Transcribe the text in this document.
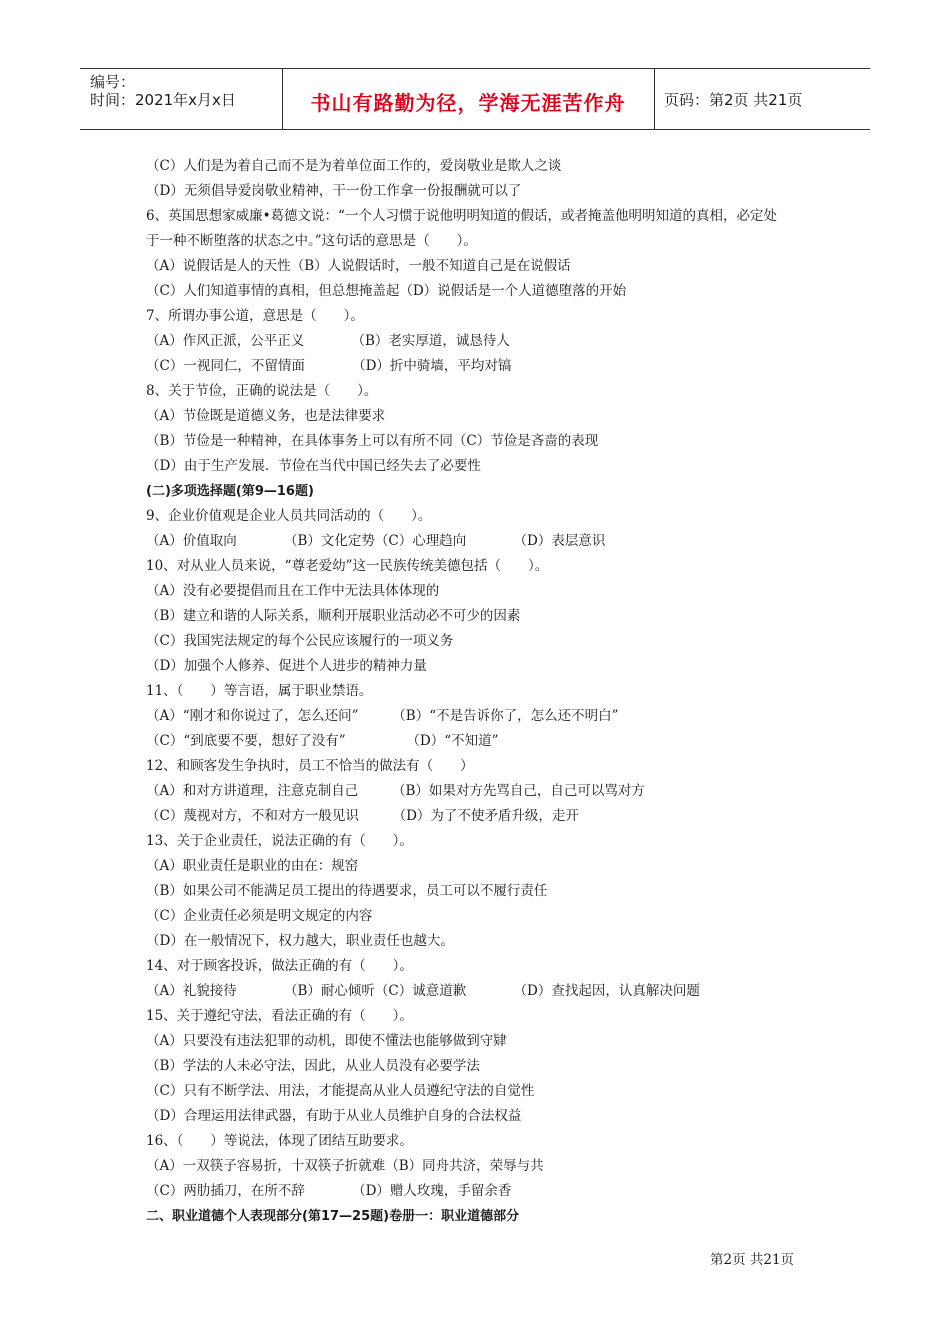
编号：
时间：2021年x月x日	书山有路勤为径，学海无涯苦作舟	页码：第2页 共21页
（C）人们是为着自己而不是为着单位面工作的，爱岗敬业是欺人之谈
（D）无须倡导爱岗敬业精神，干一份工作拿一份报酬就可以了
6、英国思想家威廉•葛德文说：“一个人习惯于说他明明知道的假话，或者掩盖他明明知道的真相，必定处
于一种不断堕落的状态之中。”这句话的意思是（　　）。
（A）说假话是人的天性（B）人说假话时，一般不知道自己是在说假话
（C）人们知道事情的真相，但总想掩盖起（D）说假话是一个人道德堕落的开始
7、所谓办事公道，意思是（　　）。
（A）作风正派，公平正义　　　　（B）老实厚道，诚恳待人
（C）一视同仁，不留情面　　　　（D）折中骑墙，平均对镐
8、关于节俭，正确的说法是（　　）。
（A）节俭既是道德义务，也是法律要求
（B）节俭是一种精神，在具体事务上可以有所不同（C）节俭是吝啬的表现
（D）由于生产发展．节俭在当代中国已经失去了必要性
(二)多项选择题(第9—16题)
9、企业价值观是企业人员共同活动的（　　）。
（A）价值取向　　　　（B）文化定势（C）心理趋向　　　　（D）表层意识
10、对从业人员来说，“尊老爱幼”这一民族传统美德包括（　　）。
（A）没有必要提倡而且在工作中无法具体体现的
（B）建立和谐的人际关系，顺利开展职业活动必不可少的因素
（C）我国宪法规定的每个公民应该履行的一项义务
（D）加强个人修养、促进个人进步的精神力量
11、（　　）等言语，属于职业禁语。
（A）“刚才和你说过了，怎么还问”　　　（B）“不是告诉你了，怎么还不明白”
（C）“到底要不要，想好了没有”　　　　　（D）“不知道”
12、和顾客发生争执时，员工不恰当的做法有（　　）
（A）和对方讲道理，注意克制自己　　　（B）如果对方先骂自己，自己可以骂对方
（C）蔑视对方，不和对方一般见识　　　（D）为了不使矛盾升级，走开
13、关于企业责任，说法正确的有（　　）。
（A）职业责任是职业的由在：规窑
（B）如果公司不能满足员工提出的待遇要求，员工可以不履行责任
（C）企业责任必须是明文规定的内容
（D）在一般情况下，权力越大，职业责任也越大。
14、对于顾客投诉，做法正确的有（　　）。
（A）礼貌接待　　　　（B）耐心倾听（C）诚意道歉　　　　（D）查找起因，认真解决问题
15、关于遵纪守法，看法正确的有（　　）。
（A）只要没有违法犯罪的动机，即使不懂法也能够做到守肄
（B）学法的人未必守法，因此，从业人员没有必要学法
（C）只有不断学法、用法，才能提高从业人员遵纪守法的自觉性
（D）合理运用法律武器，有助于从业人员维护自身的合法权益
16、（　　）等说法，体现了团结互助要求。
（A）一双筷子容易折，十双筷子折就难（B）同舟共济，荣辱与共
（C）两肋插刀，在所不辞　　　　（D）赠人玫瑰，手留余香
二、职业道德个人表现部分(第17—25题)卷册一：职业道德部分
第2页 共21页
